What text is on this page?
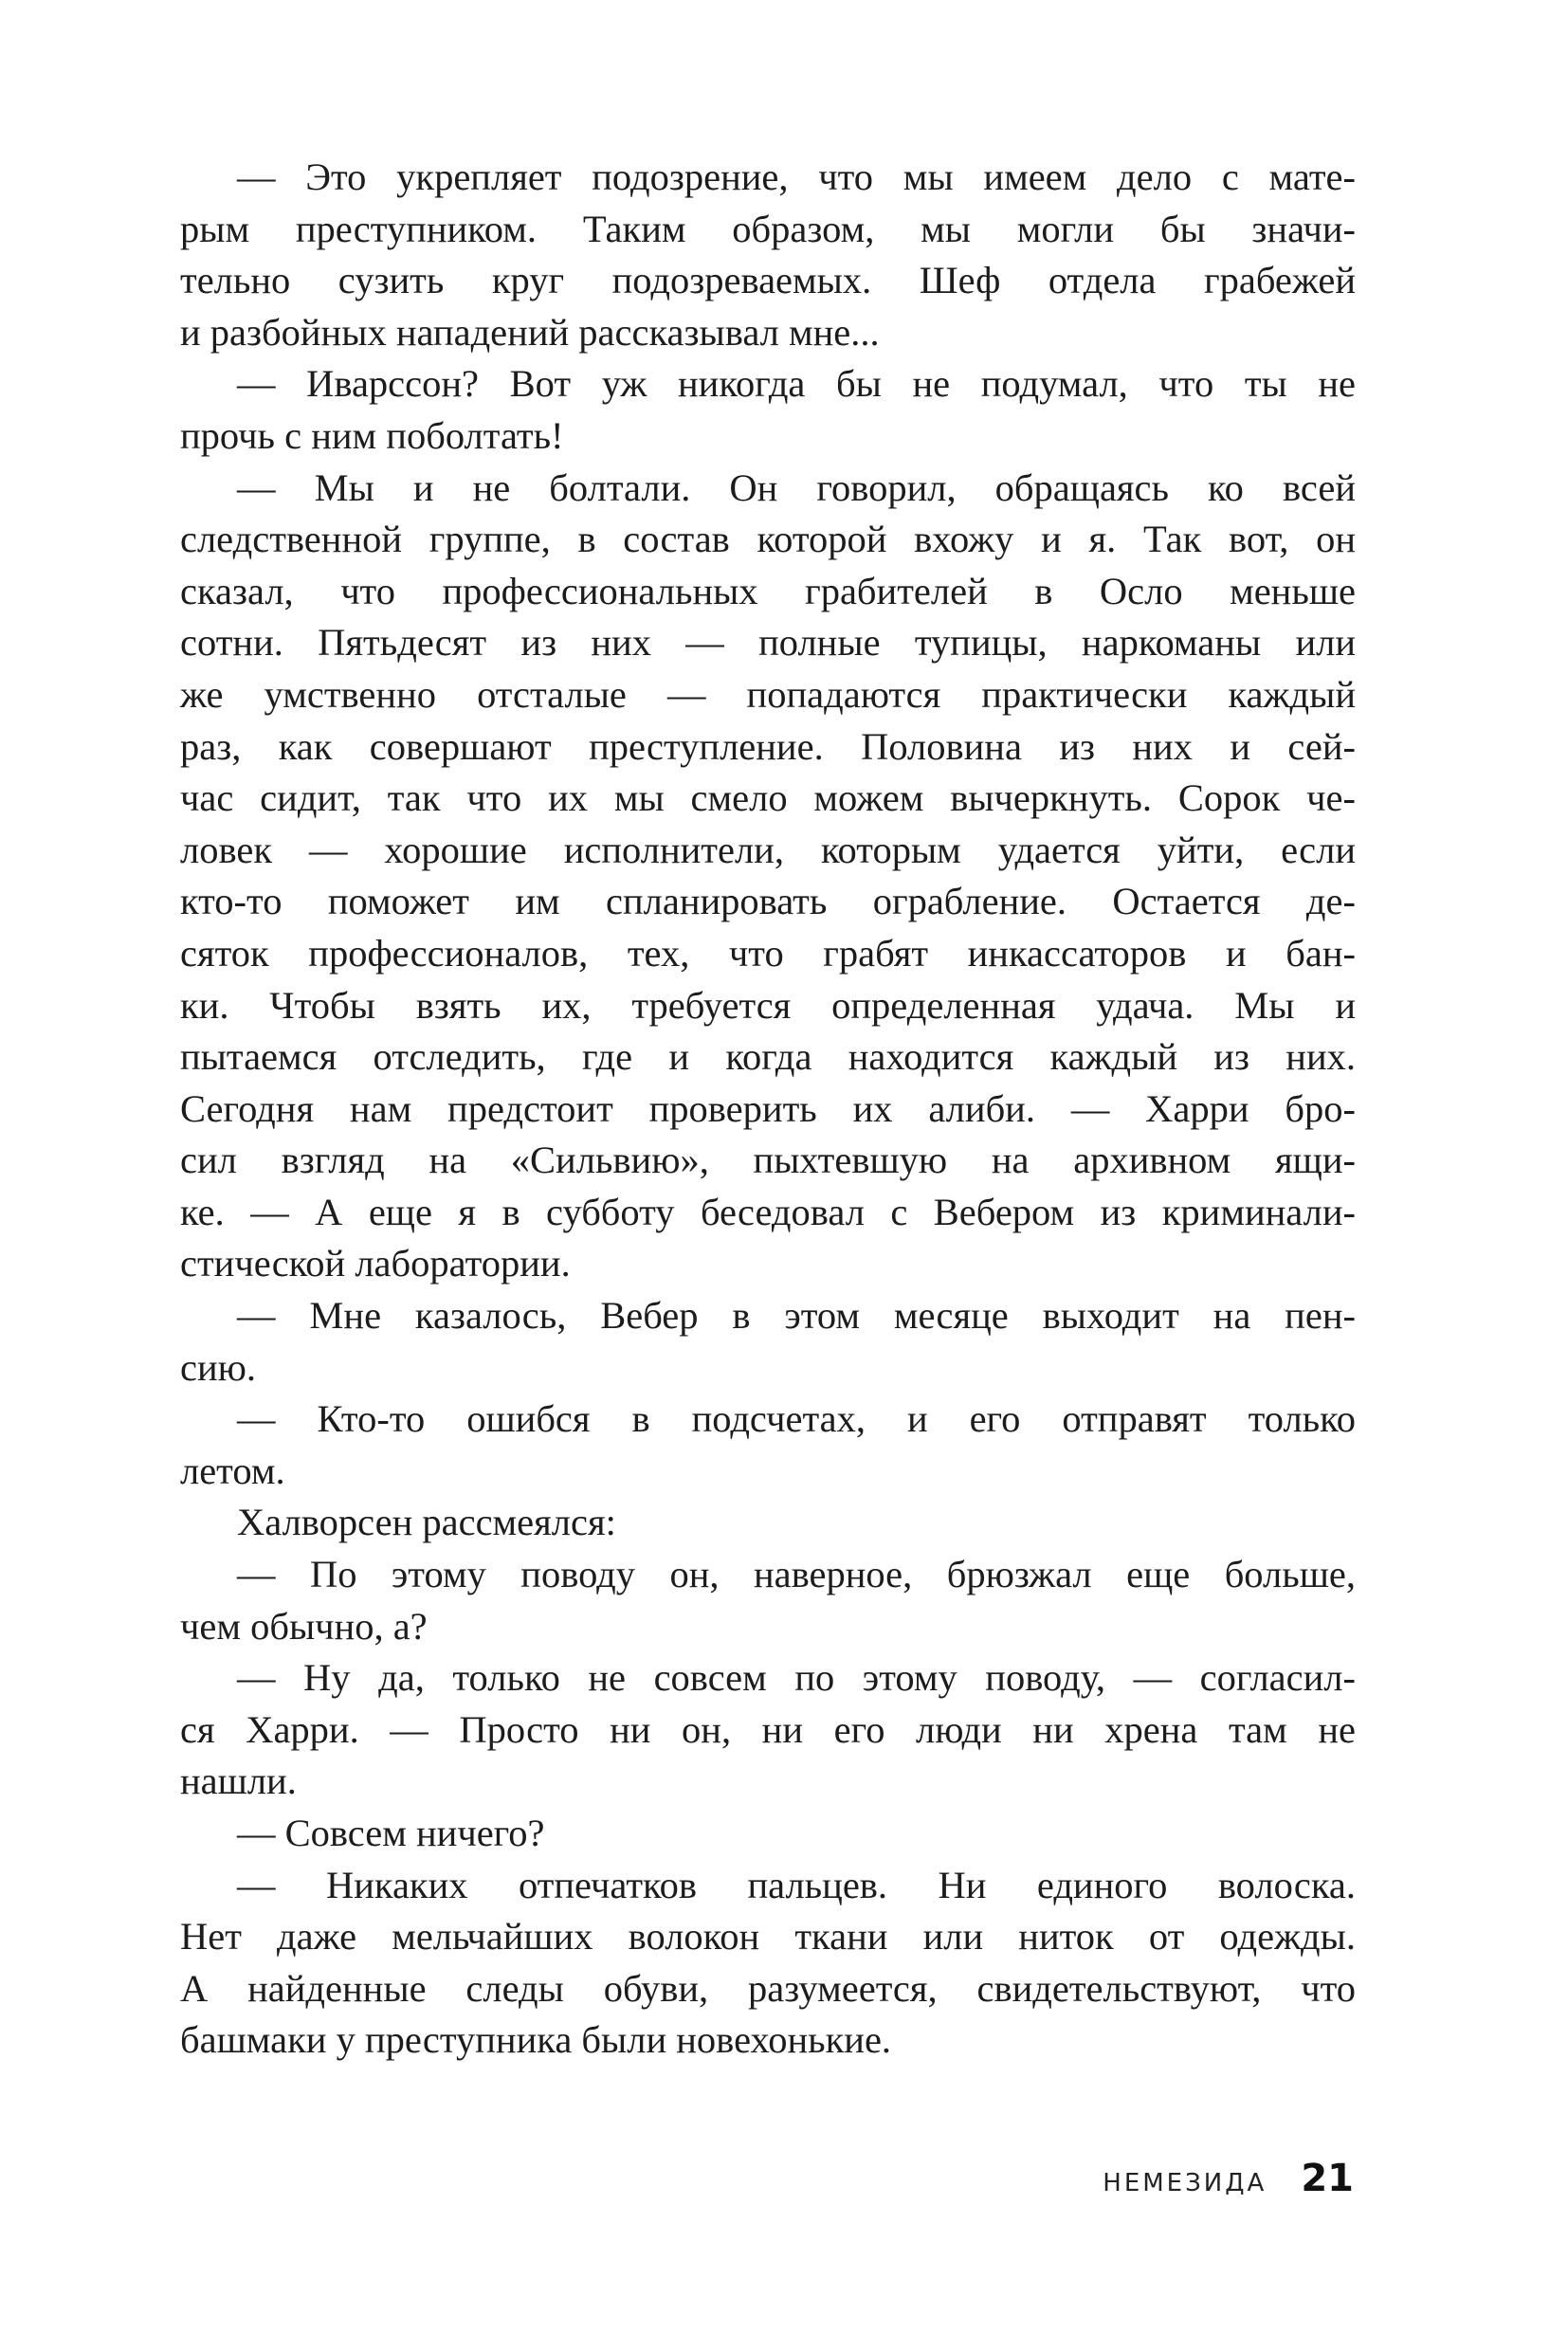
— Это укрепляет подозрение, что мы имеем дело с мате-
рым преступником. Таким образом, мы могли бы значи-
тельно сузить круг подозреваемых. Шеф отдела грабежей
и разбойных нападений рассказывал мне...
— Иварссон? Вот уж никогда бы не подумал, что ты не
прочь с ним поболтать!
— Мы и не болтали. Он говорил, обращаясь ко всей
следственной группе, в состав которой вхожу и я. Так вот, он
сказал, что профессиональных грабителей в Осло меньше
сотни. Пятьдесят из них — полные тупицы, наркоманы или
же умственно отсталые — попадаются практически каждый
раз, как совершают преступление. Половина из них и сей-
час сидит, так что их мы смело можем вычеркнуть. Сорок че-
ловек — хорошие исполнители, которым удается уйти, если
кто-то поможет им спланировать ограбление. Остается де-
сяток профессионалов, тех, что грабят инкассаторов и бан-
ки. Чтобы взять их, требуется определенная удача. Мы и
пытаемся отследить, где и когда находится каждый из них.
Сегодня нам предстоит проверить их алиби. — Харри бро-
сил взгляд на «Сильвию», пыхтевшую на архивном ящи-
ке. — А еще я в субботу беседовал с Вебером из криминали-
стической лаборатории.
— Мне казалось, Вебер в этом месяце выходит на пен-
сию.
— Кто-то ошибся в подсчетах, и его отправят только
летом.
Халворсен рассмеялся:
— По этому поводу он, наверное, брюзжал еще больше,
чем обычно, а?
— Ну да, только не совсем по этому поводу, — согласил-
ся Харри. — Просто ни он, ни его люди ни хрена там не
нашли.
— Совсем ничего?
— Никаких отпечатков пальцев. Ни единого волоска.
Нет даже мельчайших волокон ткани или ниток от одежды.
А найденные следы обуви, разумеется, свидетельствуют, что
башмаки у преступника были новехонькие.
НЕМЕЗИДА 21
